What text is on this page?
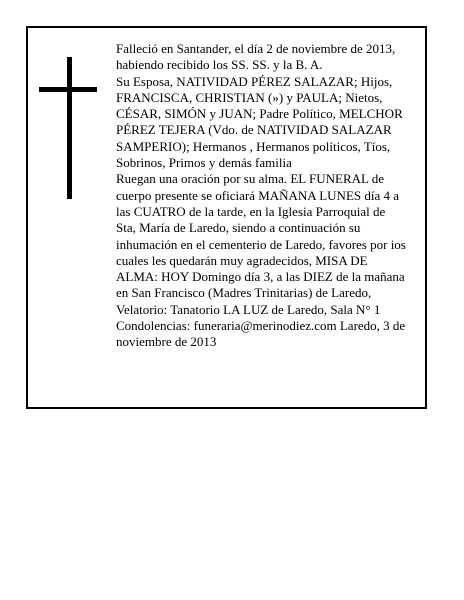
Falleció en Santander, el día 2 de noviembre de 2013,
habiendo recibido los SS. SS. y la B. A.
Su Esposa, NATIVIDAD PÉREZ SALAZAR; Hijos,
FRANCISCA, CHRISTIAN (») y PAULA; Nietos,
CÉSAR, SIMÓN y JUAN; Padre Político, MELCHOR
PÉREZ TEJERA (Vdo. de NATIVIDAD SALAZAR
SAMPERIO); Hermanos , Hermanos políticos, Tíos,
Sobrinos, Primos y demás familia
Ruegan una oración por su alma. EL FUNERAL de
cuerpo presente se oficiará MAÑANA LUNES día 4 a
las CUATRO de la tarde, en la Iglesia Parroquial de
Sta, María de Laredo, siendo a continuación su
inhumación en el cementerio de Laredo, favores por ios
cuales les quedarán muy agradecidos, MISA DE
ALMA: HOY Domingo día 3, a las DIEZ de la mañana
en San Francisco (Madres Trinitarias) de Laredo,
Velatorio: Tanatorio LA LUZ de Laredo, Sala N° 1
Condolencias: funeraria@merinodiez.com Laredo, 3 de
noviembre de 2013
